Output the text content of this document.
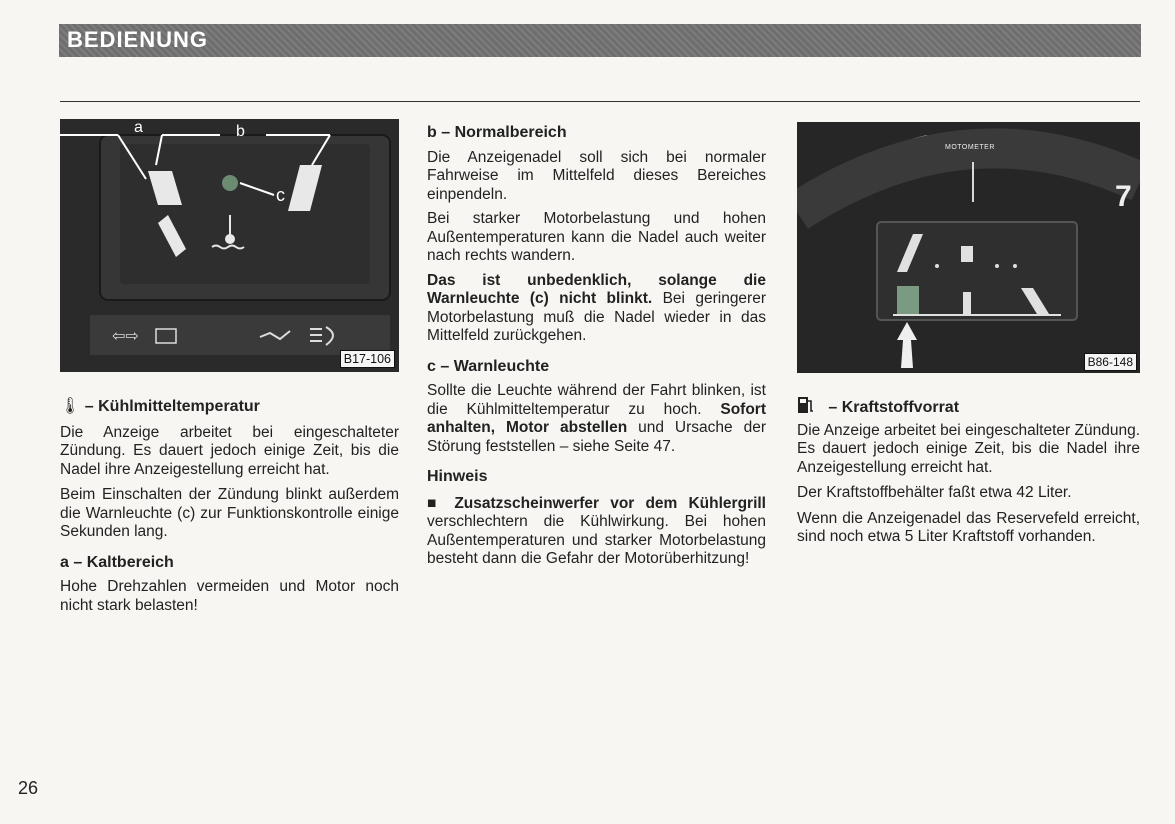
BEDIENUNG
⇦⇨
a	b
c
B17-106

🌡 – Kühlmitteltemperatur

Die Anzeige arbeitet bei eingeschalteter Zündung. Es dauert jedoch einige Zeit, bis die Nadel ihre Anzeigestellung erreicht hat.

Beim Einschalten der Zündung blinkt außerdem die Warnleuchte (c) zur Funktionskontrolle einige Sekunden lang.

a – Kaltbereich

Hohe Drehzahlen vermeiden und Motor noch nicht stark belasten!

b – Normalbereich

Die Anzeigenadel soll sich bei normaler Fahrweise im Mittelfeld dieses Bereiches einpendeln.

Bei starker Motorbelastung und hohen Außentemperaturen kann die Nadel auch weiter nach rechts wandern.

Das ist unbedenklich, solange die Warnleuchte (c) nicht blinkt. Bei geringerer Motorbelastung muß die Nadel wieder in das Mittelfeld zurückgehen.

c – Warnleuchte

Sollte die Leuchte während der Fahrt blinken, ist die Kühlmitteltemperatur zu hoch. Sofort anhalten, Motor abstellen und Ursache der Störung feststellen – siehe Seite 47.

Hinweis

■ Zusatzscheinwerfer vor dem Kühlergrill verschlechtern die Kühlwirkung. Bei hohen Außentemperaturen und starker Motorbelastung besteht dann die Gefahr der Motorüberhitzung!

MOTOMETER
7
B86-148

– Kraftstoffvorrat

Die Anzeige arbeitet bei eingeschalteter Zündung. Es dauert jedoch einige Zeit, bis die Nadel ihre Anzeigestellung erreicht hat.

Der Kraftstoffbehälter faßt etwa 42 Liter.

Wenn die Anzeigenadel das Reservefeld erreicht, sind noch etwa 5 Liter Kraftstoff vorhanden.

26
